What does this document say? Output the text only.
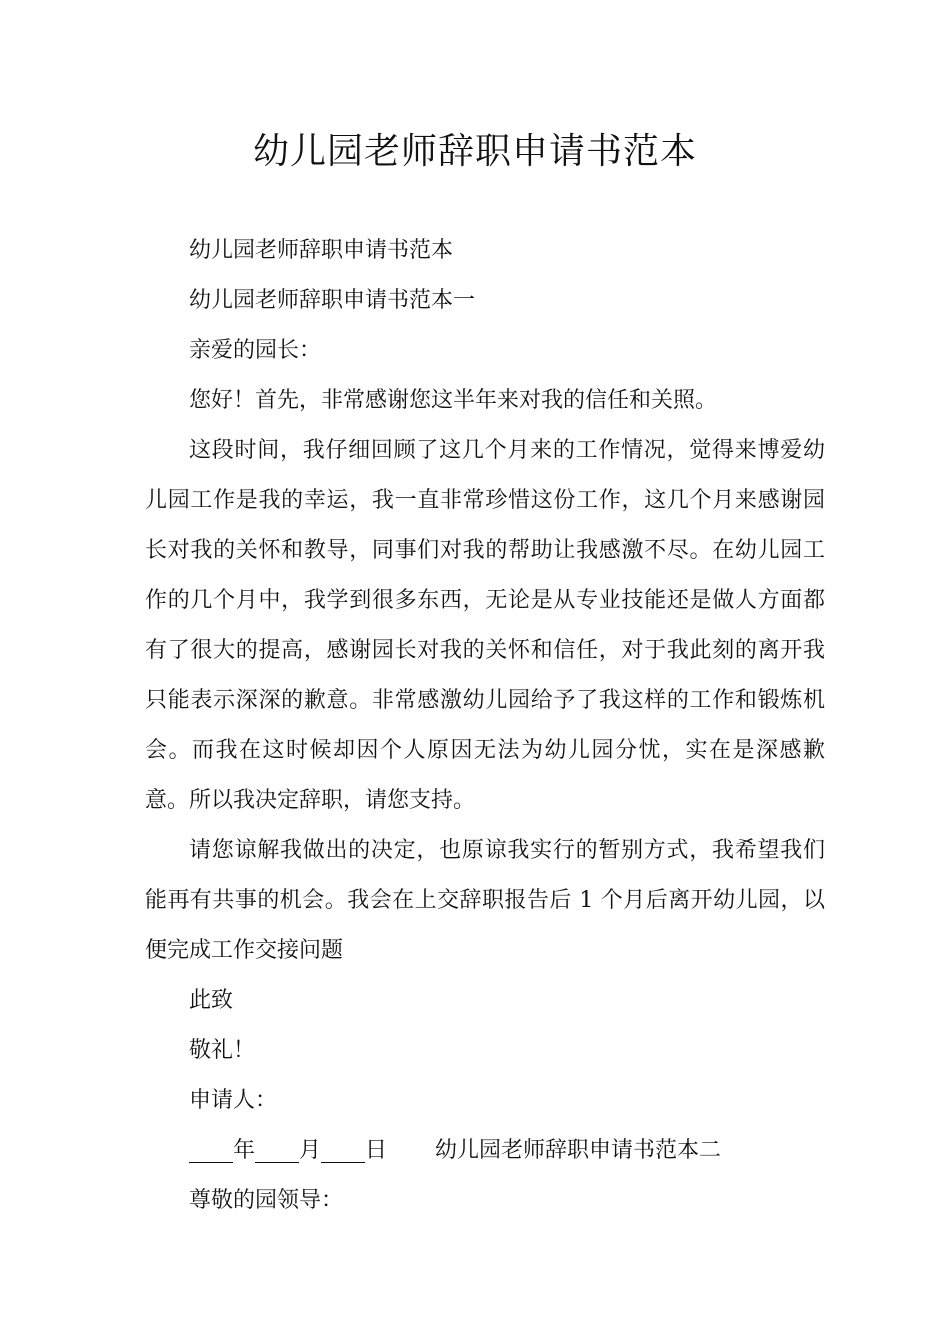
幼儿园老师辞职申请书范本

幼儿园老师辞职申请书范本

幼儿园老师辞职申请书范本一

亲爱的园长：

您好！首先，非常感谢您这半年来对我的信任和关照。

这段时间，我仔细回顾了这几个月来的工作情况，觉得来博爱幼儿园工作是我的幸运，我一直非常珍惜这份工作，这几个月来感谢园长对我的关怀和教导，同事们对我的帮助让我感激不尽。在幼儿园工作的几个月中，我学到很多东西，无论是从专业技能还是做人方面都有了很大的提高，感谢园长对我的关怀和信任，对于我此刻的离开我只能表示深深的歉意。非常感激幼儿园给予了我这样的工作和锻炼机会。而我在这时候却因个人原因无法为幼儿园分忧，实在是深感歉意。所以我决定辞职，请您支持。

请您谅解我做出的决定，也原谅我实行的暂别方式，我希望我们能再有共事的机会。我会在上交辞职报告后 1 个月后离开幼儿园，以便完成工作交接问题

此致

敬礼！

申请人：

年 月 日 幼儿园老师辞职申请书范本二

尊敬的园领导：
